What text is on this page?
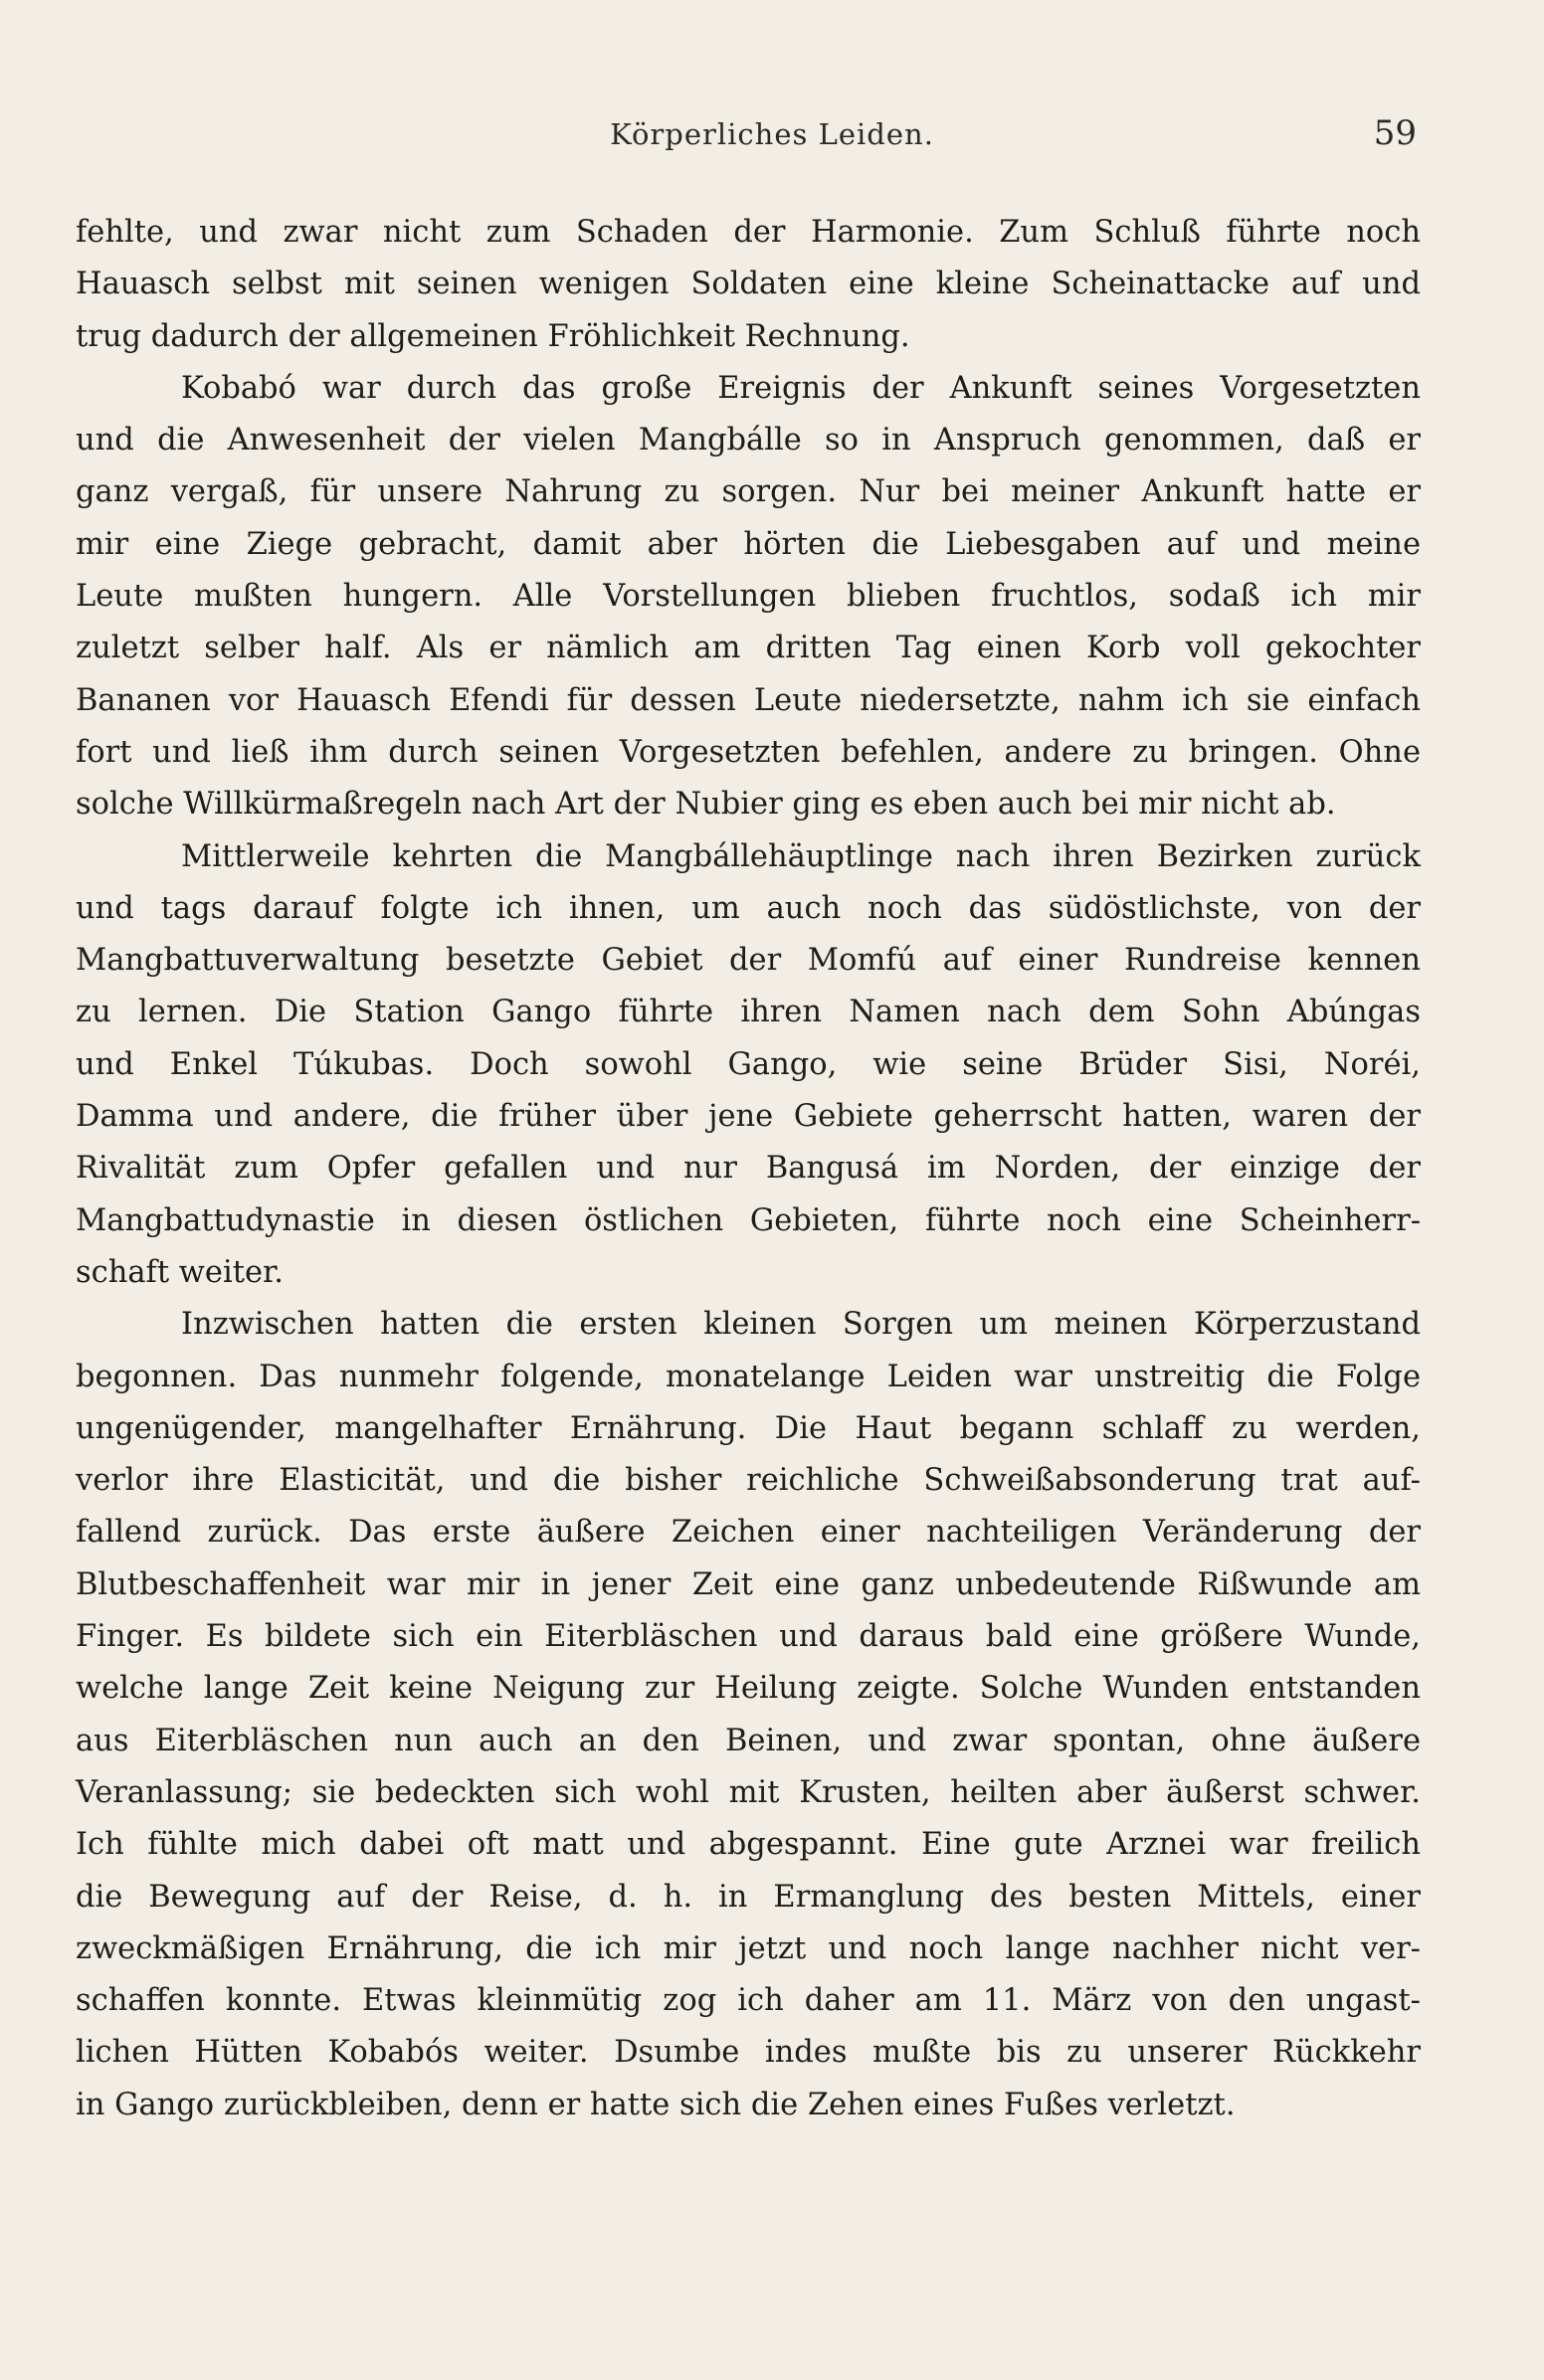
Körperliches Leiden.	59
fehlte, und zwar nicht zum Schaden der Harmonie. Zum Schluß führte noch
Hauasch selbst mit seinen wenigen Soldaten eine kleine Scheinattacke auf und
trug dadurch der allgemeinen Fröhlichkeit Rechnung.
Kobabó war durch das große Ereignis der Ankunft seines Vorgesetzten
und die Anwesenheit der vielen Mangbálle so in Anspruch genommen, daß er
ganz vergaß, für unsere Nahrung zu sorgen. Nur bei meiner Ankunft hatte er
mir eine Ziege gebracht, damit aber hörten die Liebesgaben auf und meine
Leute mußten hungern. Alle Vorstellungen blieben fruchtlos, sodaß ich mir
zuletzt selber half. Als er nämlich am dritten Tag einen Korb voll gekochter
Bananen vor Hauasch Efendi für dessen Leute niedersetzte, nahm ich sie einfach
fort und ließ ihm durch seinen Vorgesetzten befehlen, andere zu bringen. Ohne
solche Willkürmaßregeln nach Art der Nubier ging es eben auch bei mir nicht ab.
Mittlerweile kehrten die Mangbállehäuptlinge nach ihren Bezirken zurück
und tags darauf folgte ich ihnen, um auch noch das südöstlichste, von der
Mangbattuverwaltung besetzte Gebiet der Momfú auf einer Rundreise kennen
zu lernen. Die Station Gango führte ihren Namen nach dem Sohn Abúngas
und Enkel Túkubas. Doch sowohl Gango, wie seine Brüder Sisi, Noréi,
Damma und andere, die früher über jene Gebiete geherrscht hatten, waren der
Rivalität zum Opfer gefallen und nur Bangusá im Norden, der einzige der
Mangbattudynastie in diesen östlichen Gebieten, führte noch eine Scheinherr-
schaft weiter.
Inzwischen hatten die ersten kleinen Sorgen um meinen Körperzustand
begonnen. Das nunmehr folgende, monatelange Leiden war unstreitig die Folge
ungenügender, mangelhafter Ernährung. Die Haut begann schlaff zu werden,
verlor ihre Elasticität, und die bisher reichliche Schweißabsonderung trat auf-
fallend zurück. Das erste äußere Zeichen einer nachteiligen Veränderung der
Blutbeschaffenheit war mir in jener Zeit eine ganz unbedeutende Rißwunde am
Finger. Es bildete sich ein Eiterbläschen und daraus bald eine größere Wunde,
welche lange Zeit keine Neigung zur Heilung zeigte. Solche Wunden entstanden
aus Eiterbläschen nun auch an den Beinen, und zwar spontan, ohne äußere
Veranlassung; sie bedeckten sich wohl mit Krusten, heilten aber äußerst schwer.
Ich fühlte mich dabei oft matt und abgespannt. Eine gute Arznei war freilich
die Bewegung auf der Reise, d. h. in Ermanglung des besten Mittels, einer
zweckmäßigen Ernährung, die ich mir jetzt und noch lange nachher nicht ver-
schaffen konnte. Etwas kleinmütig zog ich daher am 11. März von den ungast-
lichen Hütten Kobabós weiter. Dsumbe indes mußte bis zu unserer Rückkehr
in Gango zurückbleiben, denn er hatte sich die Zehen eines Fußes verletzt.
